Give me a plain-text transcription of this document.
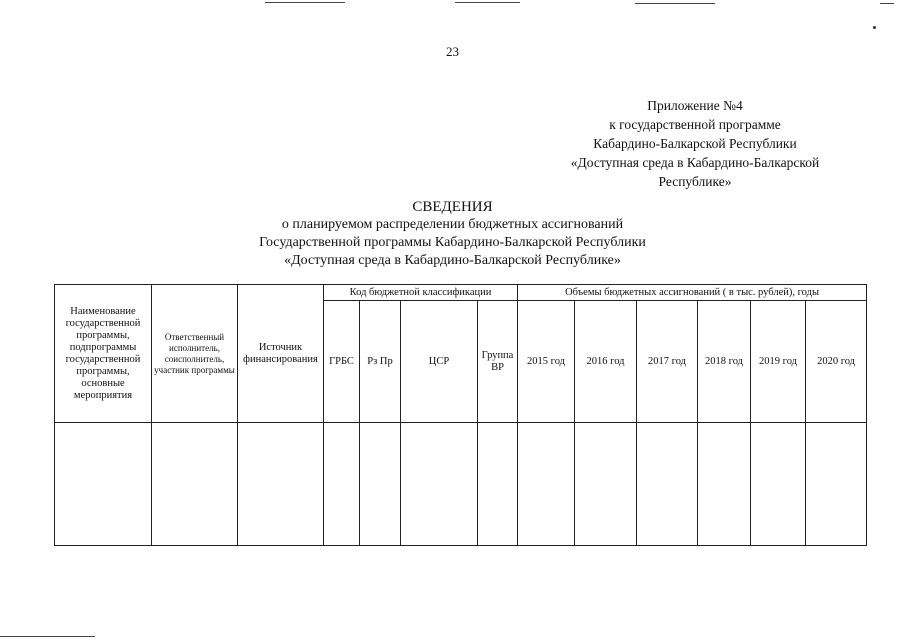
23
Приложение №4
к государственной программе
Кабардино-Балкарской Республики
«Доступная среда в Кабардино-Балкарской
Республике»
СВЕДЕНИЯ
о планируемом распределении бюджетных ассигнований
Государственной программы Кабардино-Балкарской Республики
«Доступная среда в Кабардино-Балкарской Республике»
Наименование государственной программы, подпрограммы государственной программы, основные мероприятия	Ответственный исполнитель, соисполнитель, участник программы	Источник финансирования	Код бюджетной классификации				Объемы бюджетных ассигнований ( в тыс. рублей), годы					
			ГРБС	Рз Пр	ЦСР	Группа ВР	2015 год	2016 год	2017 год	2018 год	2019 год	2020 год
